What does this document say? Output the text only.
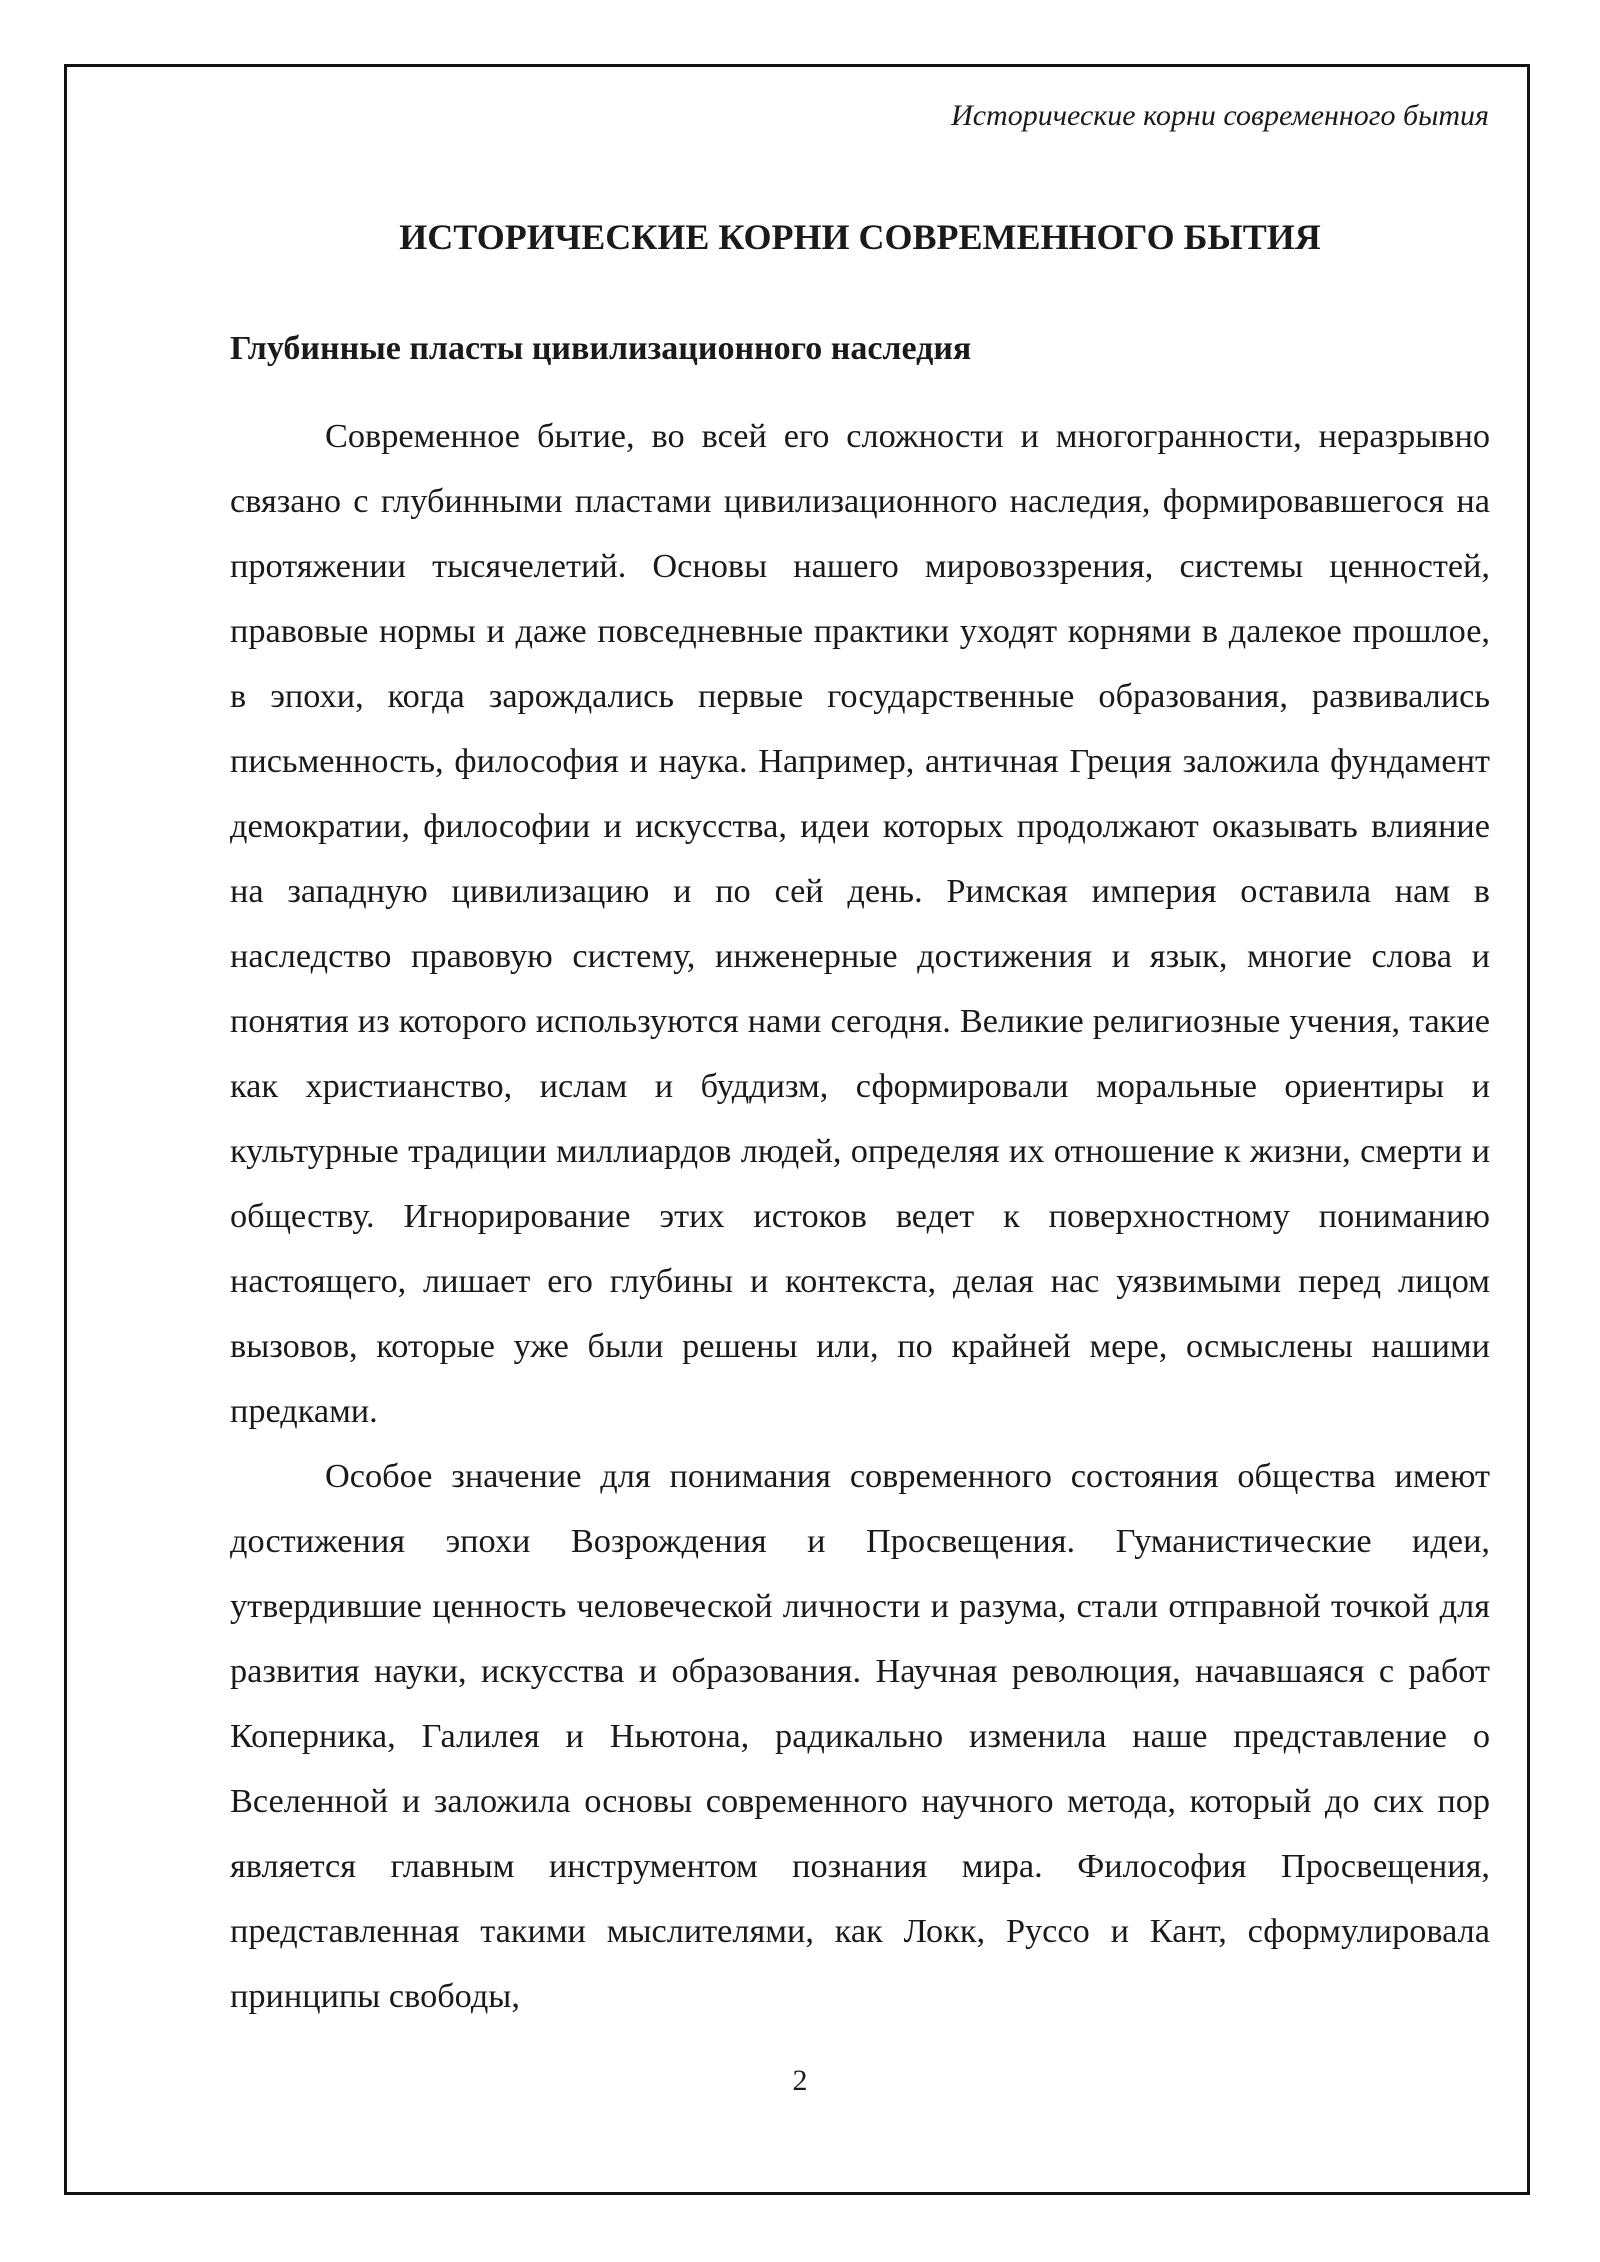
Исторические корни современного бытия
ИСТОРИЧЕСКИЕ КОРНИ СОВРЕМЕННОГО БЫТИЯ
Глубинные пласты цивилизационного наследия

Современное бытие, во всей его сложности и многогранности, неразрывно связано с глубинными пластами цивилизационного наследия, формировавшегося на протяжении тысячелетий. Основы нашего мировоззрения, системы ценностей, правовые нормы и даже повседневные практики уходят корнями в далекое прошлое, в эпохи, когда зарождались первые государственные образования, развивались письменность, философия и наука. Например, античная Греция заложила фундамент демократии, философии и искусства, идеи которых продолжают оказывать влияние на западную цивилизацию и по сей день. Римская империя оставила нам в наследство правовую систему, инженерные достижения и язык, многие слова и понятия из которого используются нами сегодня. Великие религиозные учения, такие как христианство, ислам и буддизм, сформировали моральные ориентиры и культурные традиции миллиардов людей, определяя их отношение к жизни, смерти и обществу. Игнорирование этих истоков ведет к поверхностному пониманию настоящего, лишает его глубины и контекста, делая нас уязвимыми перед лицом вызовов, которые уже были решены или, по крайней мере, осмыслены нашими предками.

Особое значение для понимания современного состояния общества имеют достижения эпохи Возрождения и Просвещения. Гуманистические идеи, утвердившие ценность человеческой личности и разума, стали отправной точкой для развития науки, искусства и образования. Научная революция, начавшаяся с работ Коперника, Галилея и Ньютона, радикально изменила наше представление о Вселенной и заложила основы современного научного метода, который до сих пор является главным инструментом познания мира. Философия Просвещения, представленная такими мыслителями, как Локк, Руссо и Кант, сформулировала принципы свободы,

2
